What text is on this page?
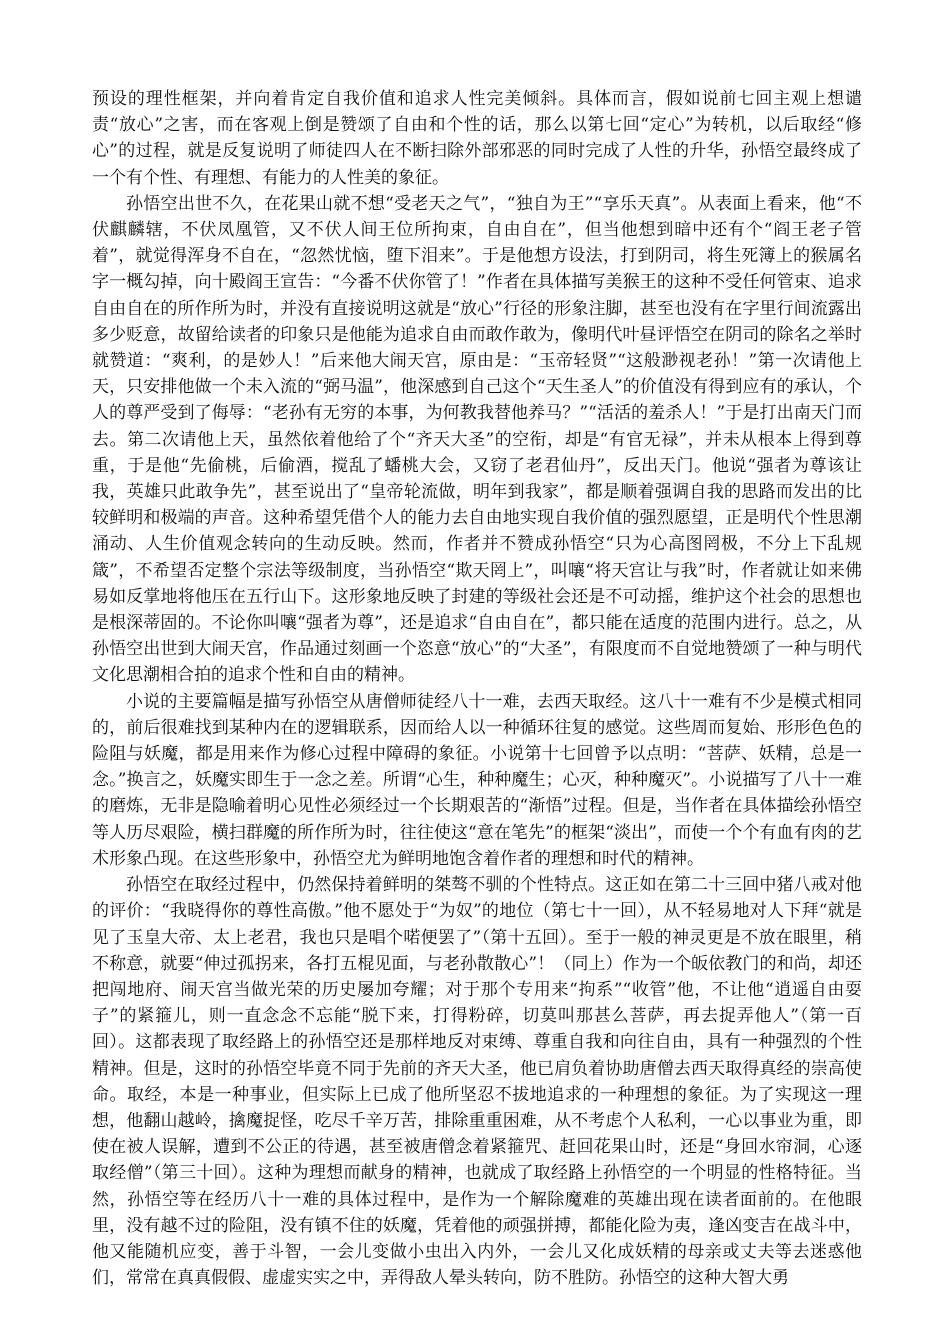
预设的理性框架，并向着肯定自我价值和追求人性完美倾斜。具体而言，假如说前七回主观上想谴责“放心”之害，而在客观上倒是赞颂了自由和个性的话，那么以第七回“定心”为转机，以后取经“修心”的过程，就是反复说明了师徒四人在不断扫除外部邪恶的同时完成了人性的升华，孙悟空最终成了一个有个性、有理想、有能力的人性美的象征。

孙悟空出世不久，在花果山就不想“受老天之气”，“独自为王”“享乐天真”。从表面上看来，他“不伏麒麟辖，不伏凤凰管，又不伏人间王位所拘束，自由自在”，但当他想到暗中还有个“阎王老子管着”，就觉得浑身不自在，“忽然忧恼，堕下泪来”。于是他想方设法，打到阴司，将生死簿上的猴属名字一概勾掉，向十殿阎王宣告：“今番不伏你管了！”作者在具体描写美猴王的这种不受任何管束、追求自由自在的所作所为时，并没有直接说明这就是“放心”行径的形象注脚，甚至也没有在字里行间流露出多少贬意，故留给读者的印象只是他能为追求自由而敢作敢为，像明代叶昼评悟空在阴司的除名之举时就赞道：“爽利，的是妙人！”后来他大闹天宫，原由是：“玉帝轻贤”“这般渺视老孙！”第一次请他上天，只安排他做一个未入流的“弼马温”，他深感到自己这个“天生圣人”的价值没有得到应有的承认，个人的尊严受到了侮辱：“老孙有无穷的本事，为何教我替他养马？”“活活的羞杀人！”于是打出南天门而去。第二次请他上天，虽然依着他给了个“齐天大圣”的空衔，却是“有官无禄”，并未从根本上得到尊重，于是他“先偷桃，后偷酒，搅乱了蟠桃大会，又窃了老君仙丹”，反出天门。他说“强者为尊该让我，英雄只此敢争先”，甚至说出了“皇帝轮流做，明年到我家”，都是顺着强调自我的思路而发出的比较鲜明和极端的声音。这种希望凭借个人的能力去自由地实现自我价值的强烈愿望，正是明代个性思潮涌动、人生价值观念转向的生动反映。然而，作者并不赞成孙悟空“只为心高图罔极，不分上下乱规箴”，不希望否定整个宗法等级制度，当孙悟空“欺天罔上”，叫嚷“将天宫让与我”时，作者就让如来佛易如反掌地将他压在五行山下。这形象地反映了封建的等级社会还是不可动摇，维护这个社会的思想也是根深蒂固的。不论你叫嚷“强者为尊”，还是追求“自由自在”，都只能在适度的范围内进行。总之，从孙悟空出世到大闹天宫，作品通过刻画一个恣意“放心”的“大圣”，有限度而不自觉地赞颂了一种与明代文化思潮相合拍的追求个性和自由的精神。

小说的主要篇幅是描写孙悟空从唐僧师徒经八十一难，去西天取经。这八十一难有不少是模式相同的，前后很难找到某种内在的逻辑联系，因而给人以一种循环往复的感觉。这些周而复始、形形色色的险阻与妖魔，都是用来作为修心过程中障碍的象征。小说第十七回曾予以点明：“菩萨、妖精，总是一念。”换言之，妖魔实即生于一念之差。所谓“心生，种种魔生；心灭，种种魔灭”。小说描写了八十一难的磨炼，无非是隐喻着明心见性必须经过一个长期艰苦的“渐悟”过程。但是，当作者在具体描绘孙悟空等人历尽艰险，横扫群魔的所作所为时，往往使这“意在笔先”的框架“淡出”，而使一个个有血有肉的艺术形象凸现。在这些形象中，孙悟空尤为鲜明地饱含着作者的理想和时代的精神。

孙悟空在取经过程中，仍然保持着鲜明的桀骜不驯的个性特点。这正如在第二十三回中猪八戒对他的评价：“我晓得你的尊性高傲。”他不愿处于“为奴”的地位（第七十一回），从不轻易地对人下拜“就是见了玉皇大帝、太上老君，我也只是唱个喏便罢了”（第十五回）。至于一般的神灵更是不放在眼里，稍不称意，就要“伸过孤拐来，各打五棍见面，与老孙散散心”！（同上）作为一个皈依教门的和尚，却还把闯地府、闹天宫当做光荣的历史屡加夸耀；对于那个专用来“拘系”“收管”他，不让他“逍遥自由耍子”的紧箍儿，则一直念念不忘能“脱下来，打得粉碎，切莫叫那甚么菩萨，再去捉弄他人”（第一百回）。这都表现了取经路上的孙悟空还是那样地反对束缚、尊重自我和向往自由，具有一种强烈的个性精神。但是，这时的孙悟空毕竟不同于先前的齐天大圣，他已肩负着协助唐僧去西天取得真经的崇高使命。取经，本是一种事业，但实际上已成了他所坚忍不拔地追求的一种理想的象征。为了实现这一理想，他翻山越岭，擒魔捉怪，吃尽千辛万苦，排除重重困难，从不考虑个人私利，一心以事业为重，即使在被人误解，遭到不公正的待遇，甚至被唐僧念着紧箍咒、赶回花果山时，还是“身回水帘洞，心逐取经僧”（第三十回）。这种为理想而献身的精神，也就成了取经路上孙悟空的一个明显的性格特征。当然，孙悟空等在经历八十一难的具体过程中，是作为一个解除魔难的英雄出现在读者面前的。在他眼里，没有越不过的险阻，没有镇不住的妖魔，凭着他的顽强拼搏，都能化险为夷，逢凶变吉在战斗中，他又能随机应变，善于斗智，一会儿变做小虫出入内外，一会儿又化成妖精的母亲或丈夫等去迷惑他们，常常在真真假假、虚虚实实之中，弄得敌人晕头转向，防不胜防。孙悟空的这种大智大勇
